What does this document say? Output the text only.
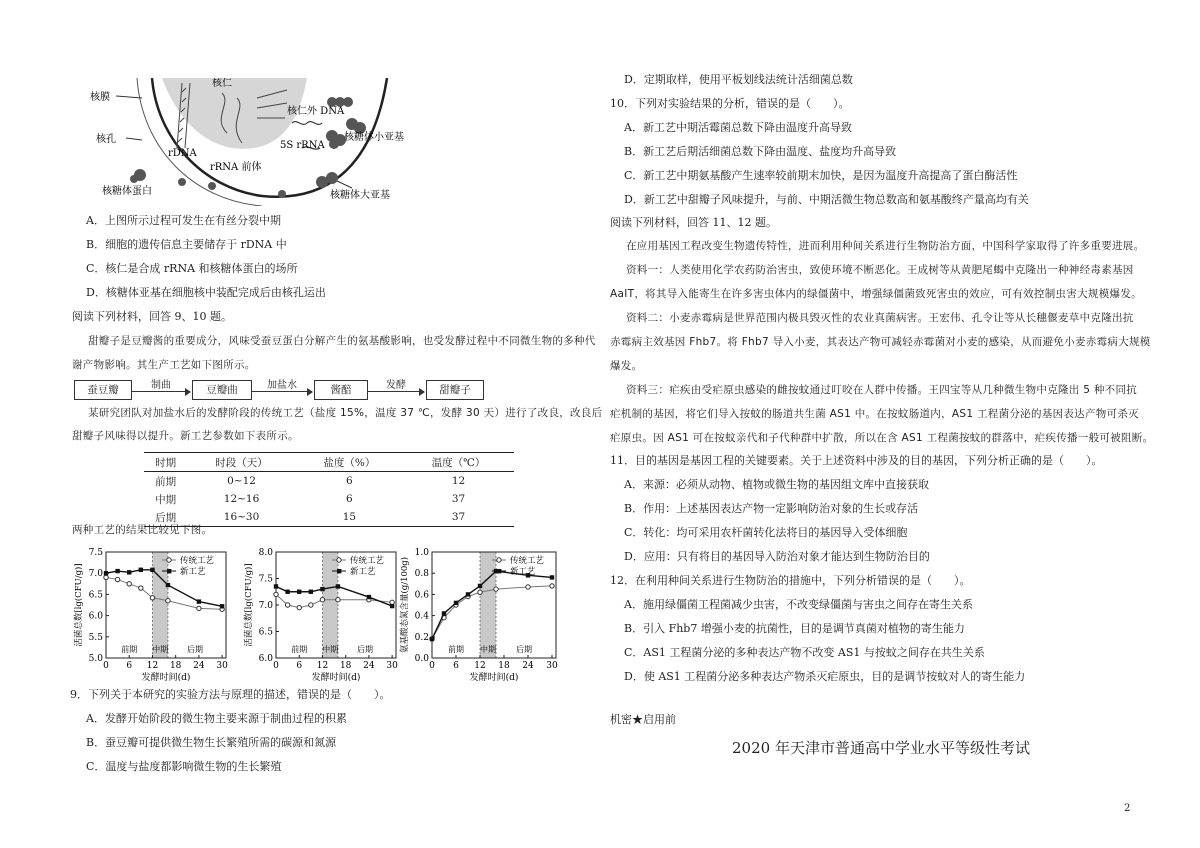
核膜
核仁
核孔
rDNA
核仁外 DNA
5S rRNA
核糖体小亚基
rRNA 前体
核糖体蛋白	核糖体大亚基
A．上图所示过程可发生在有丝分裂中期
B．细胞的遗传信息主要储存于 rDNA 中
C．核仁是合成 rRNA 和核糖体蛋白的场所
D．核糖体亚基在细胞核中装配完成后由核孔运出
阅读下列材料，回答 9、10 题。
甜瓣子是豆瓣酱的重要成分，风味受蚕豆蛋白分解产生的氨基酸影响，也受发酵过程中不同微生物的多种代
谢产物影响。其生产工艺如下图所示。
蚕豆瓣	制曲	豆瓣曲	加盐水	酱醅	发酵	甜瓣子
某研究团队对加盐水后的发酵阶段的传统工艺（盐度 15%，温度 37 ℃，发酵 30 天）进行了改良，改良后
甜瓣子风味得以提升。新工艺参数如下表所示。
时期	时段（天）	盐度（%）	温度（℃）
前期	0~12	6	12
中期	12~16	6	37
后期	16~30	15	37
两种工艺的结果比较见下图。
5.0
5.5
6.0
6.5
7.0
7.5
0 6 12 18 24 30
发酵时间(d)
活菌总数[lg(CFU/g)]
前期 中期 后期
传统工艺
新工艺
6.0
6.5
7.0
7.5
8.0
0 6 12 18 24 30
发酵时间(d)
活菌总数[lg(CFU/g)]
前期 中期 后期
传统工艺
新工艺
0.0
0.2
0.4
0.6
0.8
1.0
0 6 12 18 24 30
发酵时间(d)
氨基酸态氮含量(g/100g)	前期 中期	后期
传统工艺
新工艺
9．下列关于本研究的实验方法与原理的描述，错误的是（　　）。
A．发酵开始阶段的微生物主要来源于制曲过程的积累
B．蚕豆瓣可提供微生物生长繁殖所需的碳源和氮源
C．温度与盐度都影响微生物的生长繁殖
D．定期取样，使用平板划线法统计活细菌总数
10．下列对实验结果的分析，错误的是（　　）。
A．新工艺中期活霉菌总数下降由温度升高导致
B．新工艺后期活细菌总数下降由温度、盐度均升高导致
C．新工艺中期氨基酸产生速率较前期末加快，是因为温度升高提高了蛋白酶活性
D．新工艺中甜瓣子风味提升，与前、中期活微生物总数高和氨基酸终产量高均有关
阅读下列材料，回答 11、12 题。
在应用基因工程改变生物遗传特性，进而利用种间关系进行生物防治方面，中国科学家取得了许多重要进展。
资料一：人类使用化学农药防治害虫，致使环境不断恶化。王成树等从黄肥尾蝎中克隆出一种神经毒素基因
AaIT，将其导入能寄生在许多害虫体内的绿僵菌中，增强绿僵菌致死害虫的效应，可有效控制虫害大规模爆发。
资料二：小麦赤霉病是世界范围内极具毁灭性的农业真菌病害。王宏伟、孔令让等从长穗偃麦草中克隆出抗
赤霉病主效基因 Fhb7。将 Fhb7 导入小麦，其表达产物可减轻赤霉菌对小麦的感染，从而避免小麦赤霉病大规模
爆发。
资料三：疟疾由受疟原虫感染的雌按蚊通过叮咬在人群中传播。王四宝等从几种微生物中克隆出 5 种不同抗
疟机制的基因，将它们导入按蚊的肠道共生菌 AS1 中。在按蚊肠道内，AS1 工程菌分泌的基因表达产物可杀灭
疟原虫。因 AS1 可在按蚊亲代和子代种群中扩散，所以在含 AS1 工程菌按蚊的群落中，疟疾传播一般可被阻断。
11．目的基因是基因工程的关键要素。关于上述资料中涉及的目的基因，下列分析正确的是（　　）。
A．来源：必须从动物、植物或微生物的基因组文库中直接获取
B．作用：上述基因表达产物一定影响防治对象的生长或存活
C．转化：均可采用农杆菌转化法将目的基因导入受体细胞
D．应用：只有将目的基因导入防治对象才能达到生物防治目的
12．在利用种间关系进行生物防治的措施中，下列分析错误的是（　　）。
A．施用绿僵菌工程菌减少虫害，不改变绿僵菌与害虫之间存在寄生关系
B．引入 Fhb7 增强小麦的抗菌性，目的是调节真菌对植物的寄生能力
C．AS1 工程菌分泌的多种表达产物不改变 AS1 与按蚊之间存在共生关系
D．使 AS1 工程菌分泌多种表达产物杀灭疟原虫，目的是调节按蚊对人的寄生能力
机密★启用前
2020 年天津市普通高中学业水平等级性考试
2
